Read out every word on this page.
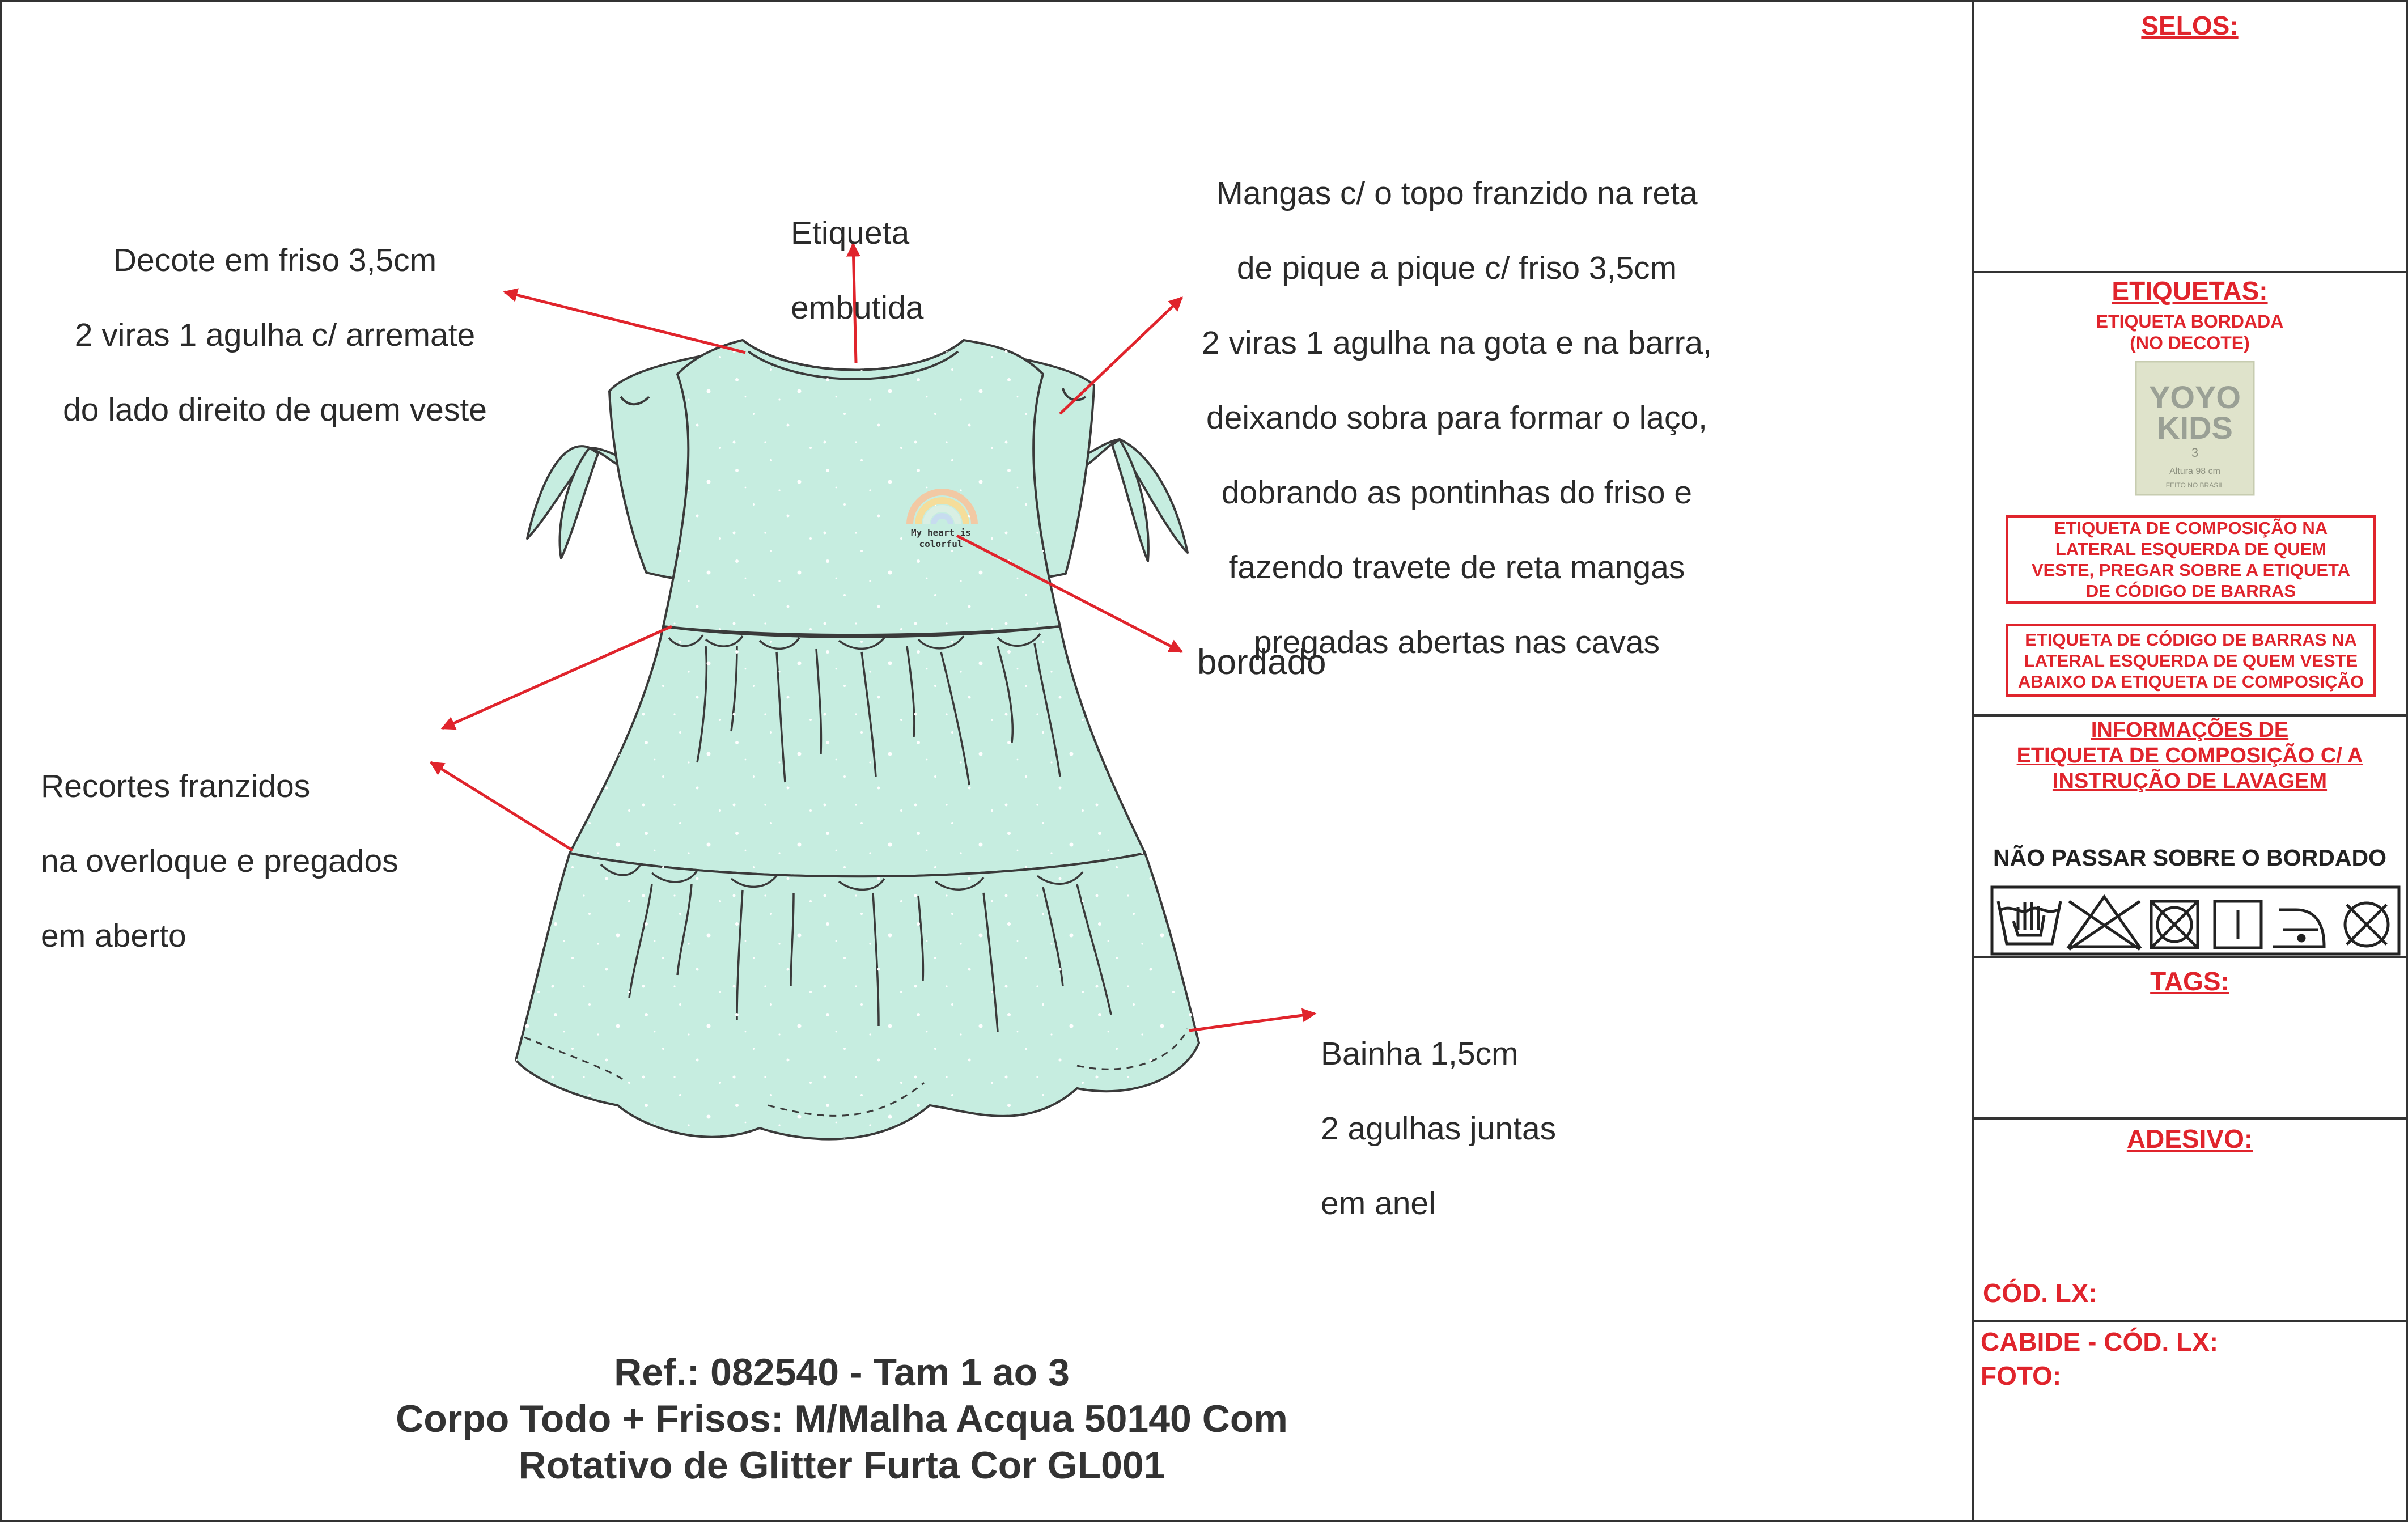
My heart is
colorful
YOYO
KIDS
3
Altura 98 cm
FEITO NO BRASIL

Decote em friso 3,5cm

2 viras 1 agulha c/ arremate

do lado direito de quem veste

Etiqueta

embutida

Mangas c/ o topo franzido na reta

de pique a pique c/ friso 3,5cm

2 viras 1 agulha na gota e na barra,

deixando sobra para formar o laço,

dobrando as pontinhas do friso e

fazendo travete de reta mangas

pregadas abertas nas cavas

bordado

Recortes franzidos

na overloque e pregados

em aberto

Bainha 1,5cm

2 agulhas juntas

em anel

Ref.: 082540 - Tam 1 ao 3
Corpo Todo + Frisos: M/Malha Acqua 50140 Com
Rotativo de Glitter Furta Cor GL001
SELOS:
ETIQUETAS:
ETIQUETA BORDADA
(NO DECOTE)
ETIQUETA DE COMPOSIÇÃO NA
LATERAL ESQUERDA DE QUEM
VESTE, PREGAR SOBRE A ETIQUETA
DE CÓDIGO DE BARRAS
ETIQUETA DE CÓDIGO DE BARRAS NA
LATERAL ESQUERDA DE QUEM VESTE
ABAIXO DA ETIQUETA DE COMPOSIÇÃO
INFORMAÇÕES DE
ETIQUETA DE COMPOSIÇÃO C/ A
INSTRUÇÃO DE LAVAGEM
NÃO PASSAR SOBRE O BORDADO
TAGS:
ADESIVO:
CÓD. LX:
CABIDE - CÓD. LX:
FOTO:
